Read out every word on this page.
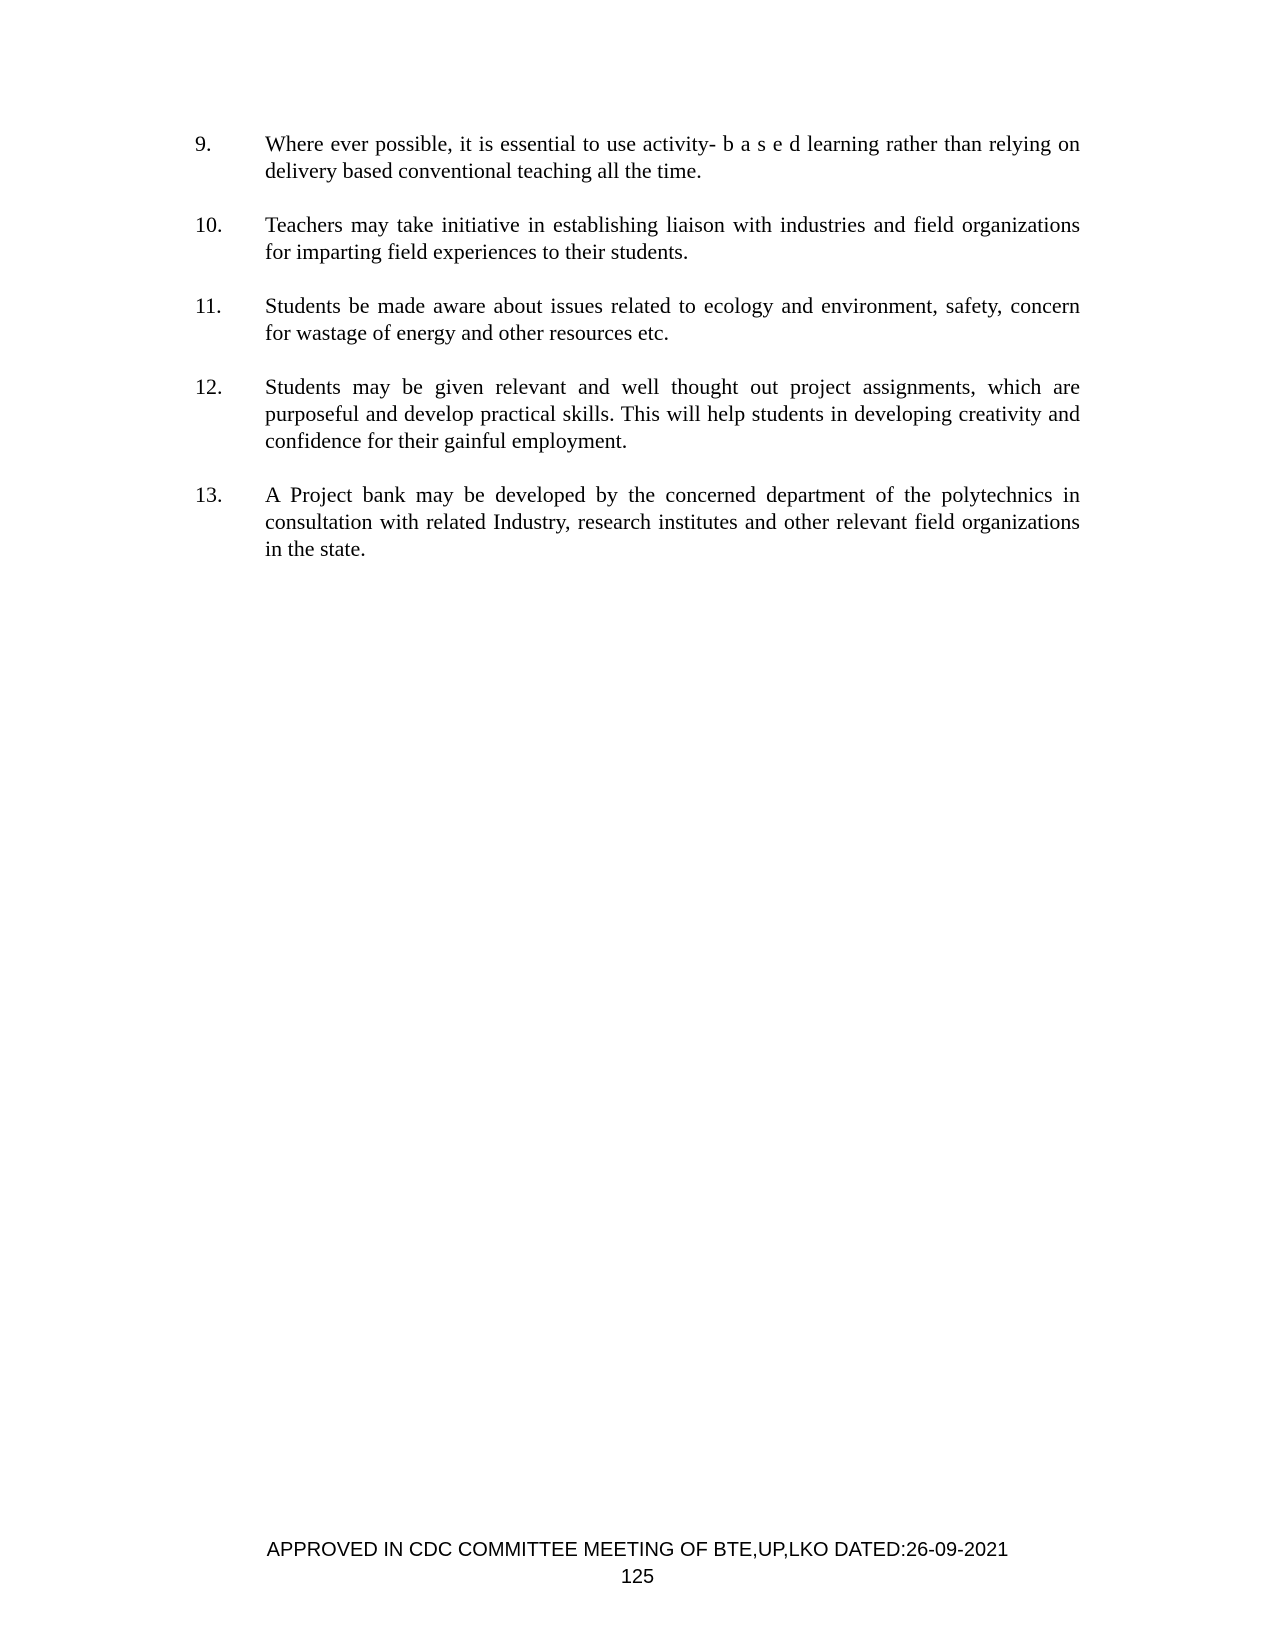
9.	Where ever possible, it is essential to use activity- b a s e d learning rather than relying on delivery based conventional teaching all the time.
10.	Teachers may take initiative in establishing liaison with industries and field organizations for imparting field experiences to their students.
11.	Students be made aware about issues related to ecology and environment, safety, concern for wastage of energy and other resources etc.
12.	Students may be given relevant and well thought out project assignments, which are purposeful and develop practical skills. This will help students in developing creativity and confidence for their gainful employment.
13.	A Project bank may be developed by the concerned department of the polytechnics in consultation with related Industry, research institutes and other relevant field organizations in the state.
APPROVED IN CDC COMMITTEE MEETING OF BTE,UP,LKO DATED:26-09-2021
125
